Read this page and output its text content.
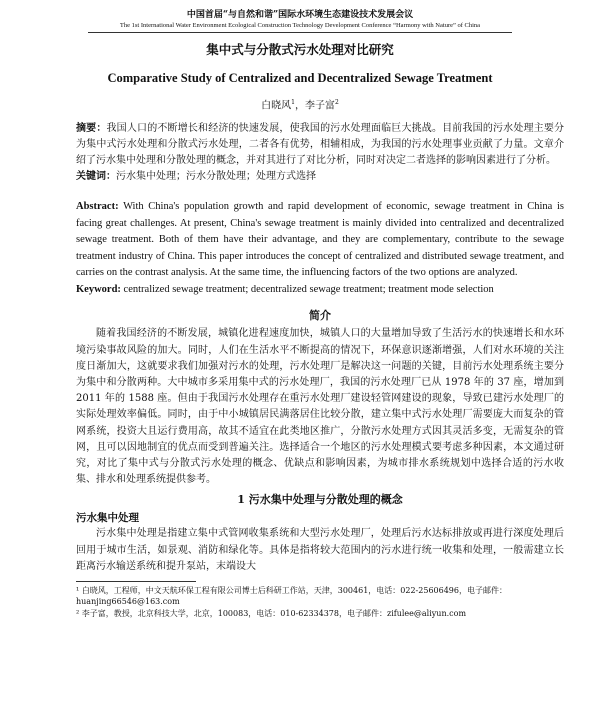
中国首届“与自然和谐”国际水环境生态建设技术发展会议
The 1st International Water Environment Ecological Construction Technology Development Conference “Harmony with Nature” of China
集中式与分散式污水处理对比研究
Comparative Study of Centralized and Decentralized Sewage Treatment
白晓风$^1$，李子富$^2$
摘要：我国人口的不断增长和经济的快速发展，使我国的污水处理面临巨大挑战。目前我国的污水处理主要分为集中式污水处理和分散式污水处理，二者各有优势，相辅相成，为我国的污水处理事业贡献了力量。文章介绍了污水集中处理和分散处理的概念，并对其进行了对比分析，同时对决定二者选择的影响因素进行了分析。
关键词：污水集中处理；污水分散处理；处理方式选择
Abstract: With China's population growth and rapid development of economic, sewage treatment in China is facing great challenges. At present, China's sewage treatment is mainly divided into centralized and decentralized sewage treatment. Both of them have their advantage, and they are complementary, contribute to the sewage treatment industry of China. This paper introduces the concept of centralized and distributed sewage treatment, and carries on the contrast analysis. At the same time, the influencing factors of the two options are analyzed.
Keyword: centralized sewage treatment; decentralized sewage treatment; treatment mode selection
简介
随着我国经济的不断发展，城镇化进程速度加快，城镇人口的大量增加导致了生活污水的快速增长和水环境污染事故风险的加大。同时，人们在生活水平不断提高的情况下，环保意识逐渐增强，人们对水环境的关注度日渐加大，这就要求我们加强对污水的处理，污水处理厂是解决这一问题的关键，目前污水处理系统主要分为集中和分散两种。大中城市多采用集中式的污水处理厂，我国的污水处理厂已从 1978 年的 37 座，增加到 2011 年的 1588 座。但由于我国污水处理存在重污水处理厂建设轻管网建设的现象，导致已建污水处理厂的实际处理效率偏低。同时，由于中小城镇居民满落居住比较分散，建立集中式污水处理厂需要庞大而复杂的管网系统，投资大且运行费用高，故其不适宜在此类地区推广，分散污水处理方式因其灵活多变，无需复杂的管网，且可以因地制宜的优点而受到普遍关注。选择适合一个地区的污水处理模式要考虑多种因素，本文通过研究，对比了集中式与分散式污水处理的概念、优缺点和影响因素，为城市排水系统规划中选择合适的污水收集、排水和处理系统提供参考。
1 污水集中处理与分散处理的概念
污水集中处理
污水集中处理是指建立集中式管网收集系统和大型污水处理厂，处理后污水达标排放或再进行深度处理后回用于城市生活，如景观、消防和绿化等。具体是指将较大范围内的污水进行统一收集和处理，一般需建立长距离污水输送系统和提升泵站，末端设大
¹ 白晓风，工程师，中文天航环保工程有限公司博士后科研工作站，天津，300461，电话：022-25606496，电子邮件：huanjing66546@163.com
² 李子富，教授，北京科技大学，北京，100083，电话：010-62334378，电子邮件：zifulee@aliyun.com
